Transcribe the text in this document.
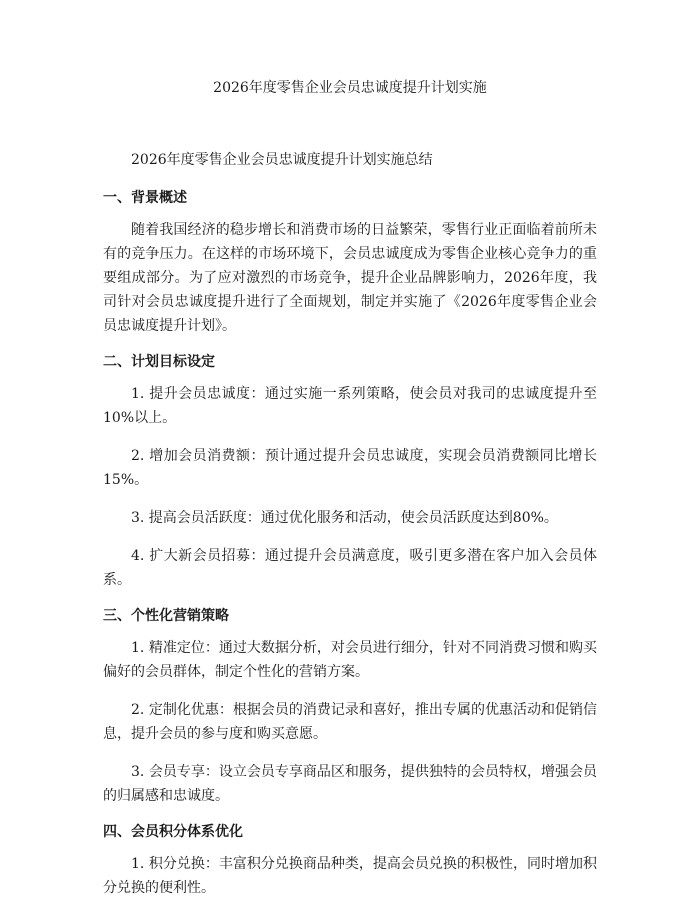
2026年度零售企业会员忠诚度提升计划实施
2026年度零售企业会员忠诚度提升计划实施总结
一、背景概述

随着我国经济的稳步增长和消费市场的日益繁荣，零售行业正面临着前所未有的竞争压力。在这样的市场环境下，会员忠诚度成为零售企业核心竞争力的重要组成部分。为了应对激烈的市场竞争，提升企业品牌影响力，2026年度，我司针对会员忠诚度提升进行了全面规划，制定并实施了《2026年度零售企业会员忠诚度提升计划》。

二、计划目标设定

1. 提升会员忠诚度：通过实施一系列策略，使会员对我司的忠诚度提升至10%以上。

2. 增加会员消费额：预计通过提升会员忠诚度，实现会员消费额同比增长15%。

3. 提高会员活跃度：通过优化服务和活动，使会员活跃度达到80%。

4. 扩大新会员招募：通过提升会员满意度，吸引更多潜在客户加入会员体系。

三、个性化营销策略

1. 精准定位：通过大数据分析，对会员进行细分，针对不同消费习惯和购买偏好的会员群体，制定个性化的营销方案。

2. 定制化优惠：根据会员的消费记录和喜好，推出专属的优惠活动和促销信息，提升会员的参与度和购买意愿。

3. 会员专享：设立会员专享商品区和服务，提供独特的会员特权，增强会员的归属感和忠诚度。

四、会员积分体系优化

1. 积分兑换：丰富积分兑换商品种类，提高会员兑换的积极性，同时增加积分兑换的便利性。
